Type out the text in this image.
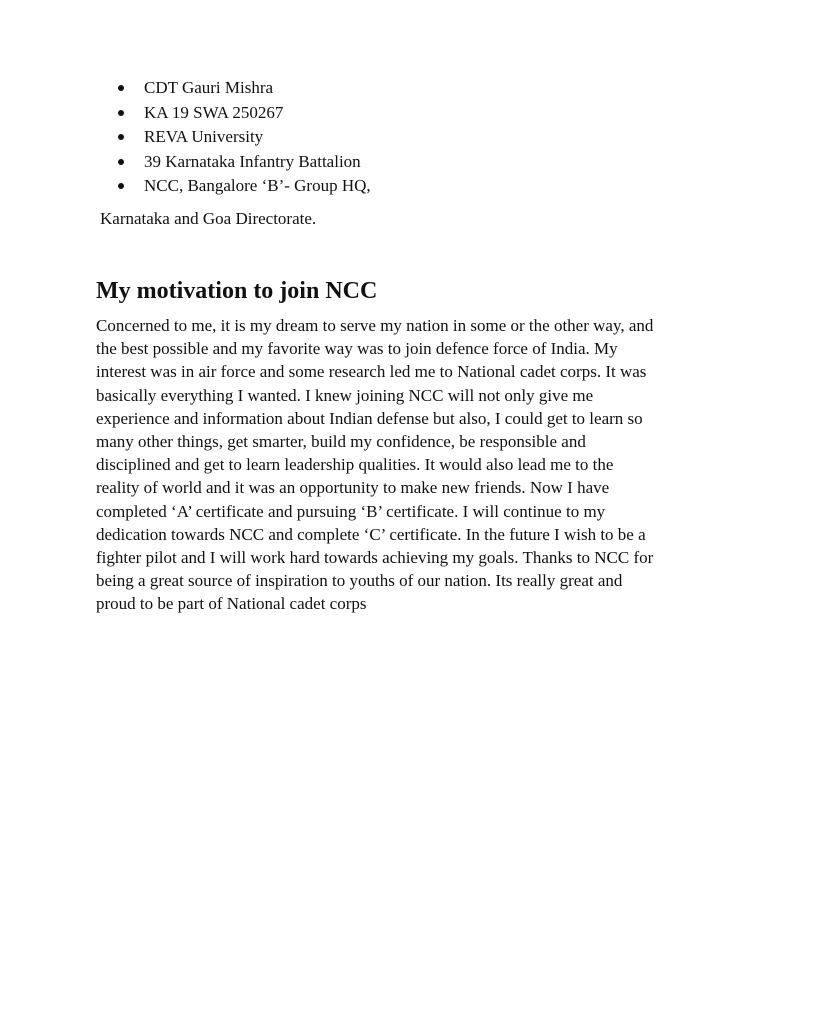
CDT Gauri Mishra
KA 19 SWA 250267
REVA University
39 Karnataka Infantry Battalion
NCC, Bangalore ‘B’- Group HQ,

Karnataka and Goa Directorate.

My motivation to join NCC

Concerned to me, it is my dream to serve my nation in some or the other way, and
the best possible and my favorite way was to join defence force of India. My
interest was in air force and some research led me to National cadet corps. It was
basically everything I wanted. I knew joining NCC will not only give me
experience and information about Indian defense but also, I could get to learn so
many other things, get smarter, build my confidence, be responsible and
disciplined and get to learn leadership qualities. It would also lead me to the
reality of world and it was an opportunity to make new friends. Now I have
completed ‘A’ certificate and pursuing ‘B’ certificate. I will continue to my
dedication towards NCC and complete ‘C’ certificate. In the future I wish to be a
fighter pilot and I will work hard towards achieving my goals. Thanks to NCC for
being a great source of inspiration to youths of our nation. Its really great and
proud to be part of National cadet corps
